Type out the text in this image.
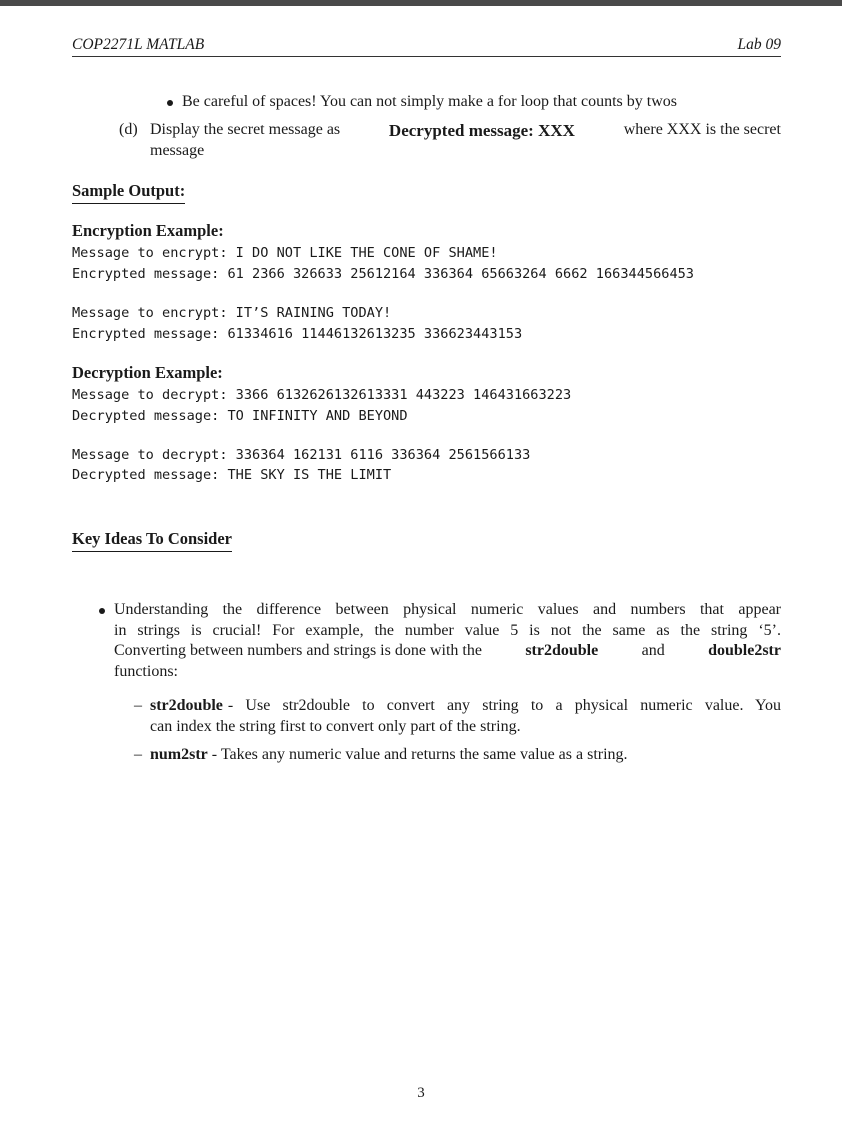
COP2271L MATLAB	Lab 09
Be careful of spaces! You can not simply make a for loop that counts by twos
(d) Display the secret message as	Decrypted message: XXX	where XXX is the secret
message
Sample Output:
Encryption Example:
Message to encrypt: I DO NOT LIKE THE CONE OF SHAME!
Encrypted message: 61 2366 326633 25612164 336364 65663264 6662 166344566453
Message to encrypt: IT’S RAINING TODAY!
Encrypted message: 61334616 11446132613235 336623443153
Decryption Example:
Message to decrypt: 3366 6132626132613331 443223 146431663223
Decrypted message: TO INFINITY AND BEYOND
Message to decrypt: 336364 162131 6116 336364 2561566133
Decrypted message: THE SKY IS THE LIMIT
Key Ideas To Consider
Understanding the difference between physical numeric values and numbers that appear
in strings is crucial! For example, the number value 5 is not the same as the string ‘5’.
Converting between numbers and strings is done with the	str2double	and	double2str
functions:
– str2double - Use str2double to convert any string to a physical numeric value. You
can index the string first to convert only part of the string.
– num2str - Takes any numeric value and returns the same value as a string.
3
